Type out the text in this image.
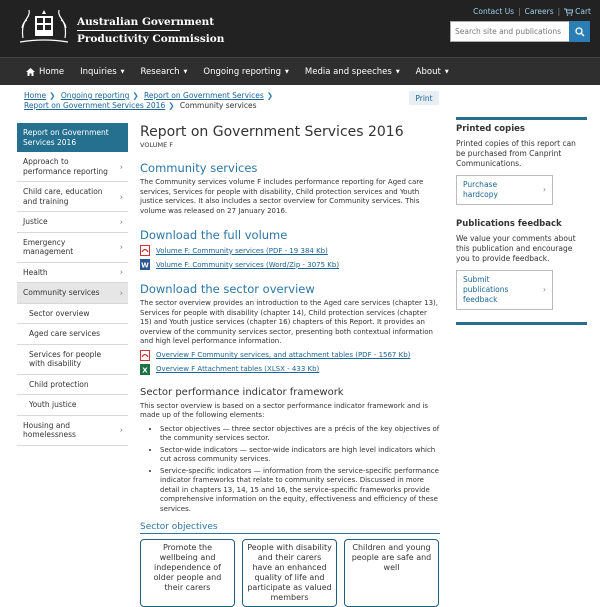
Australian Government
Productivity Commission
Contact Us | Careers | Cart
Search site and publications
Home Inquiries ▼ Research ▼ Ongoing reporting ▼ Media and speeches ▼ About ▼
Home ❯ Ongoing reporting ❯ Report on Government Services ❯
Report on Government Services 2016 ❯ Community services
Print
Report on Government Services 2016
Approach to performance reporting
›
Child care, education and training
›
Justice	›
Emergency management
›
Health	›
Community services	›
Sector overview
Aged care services
Services for people with disability
Child protection
Youth justice
Housing and homelessness
›
Report on Government Services 2016
VOLUME F
Community services

The Community services volume F includes performance reporting for Aged care services, Services for people with disability, Child protection services and Youth justice services. It also includes a sector overview for Community services. This volume was released on 27 January 2016.

Download the full volume
Volume F: Community services (PDF - 19 384 Kb)
W Volume F: Community services (Word/Zip - 3075 Kb)
Download the sector overview

The sector overview provides an introduction to the Aged care services (chapter 13), Services for people with disability (chapter 14), Child protection services (chapter 15) and Youth justice services (chapter 16) chapters of this Report. It provides an overview of the community services sector, presenting both contextual information and high level performance information.

Overview F Community services, and attachment tables (PDF - 1567 Kb)
X Overview F Attachment tables (XLSX - 433 Kb)
Sector performance indicator framework

This sector overview is based on a sector performance indicator framework and is made up of the following elements:

• Sector objectives — three sector objectives are a précis of the key objectives of the community services sector.
• Sector-wide indicators — sector-wide indicators are high level indicators which cut across community services.
• Service-specific indicators — information from the service-specific performance indicator frameworks that relate to community services. Discussed in more detail in chapters 13, 14, 15 and 16, the service-specific frameworks provide comprehensive information on the equity, effectiveness and efficiency of these services.
Sector objectives
Promote the wellbeing and independence of older people and their carers
People with disability and their carers have an enhanced quality of life and participate as valued members
Children and young people are safe and well
Printed copies
Printed copies of this report can be purchased from Canprint Communications.
Purchase hardcopy
›
Publications feedback
We value your comments about this publication and encourage you to provide feedback.
Submit publications feedback
›
